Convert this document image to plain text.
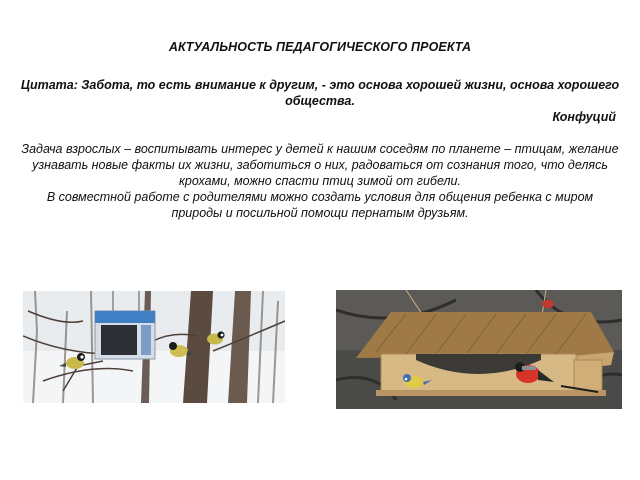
АКТУАЛЬНОСТЬ ПЕДАГОГИЧЕСКОГО ПРОЕКТА
Цитата: Забота, то есть внимание к другим, - это основа хорошей жизни, основа хорошего общества.
Конфуций

Задача взрослых – воспитывать интерес у детей к нашим соседям по планете – птицам, желание узнавать новые факты их жизни, заботиться о них, радоваться от сознания того, что делясь крохами, можно спасти птиц зимой от гибели.

В совместной работе с родителями можно создать условия для общения ребенка с миром природы и посильной помощи пернатым друзьям.
